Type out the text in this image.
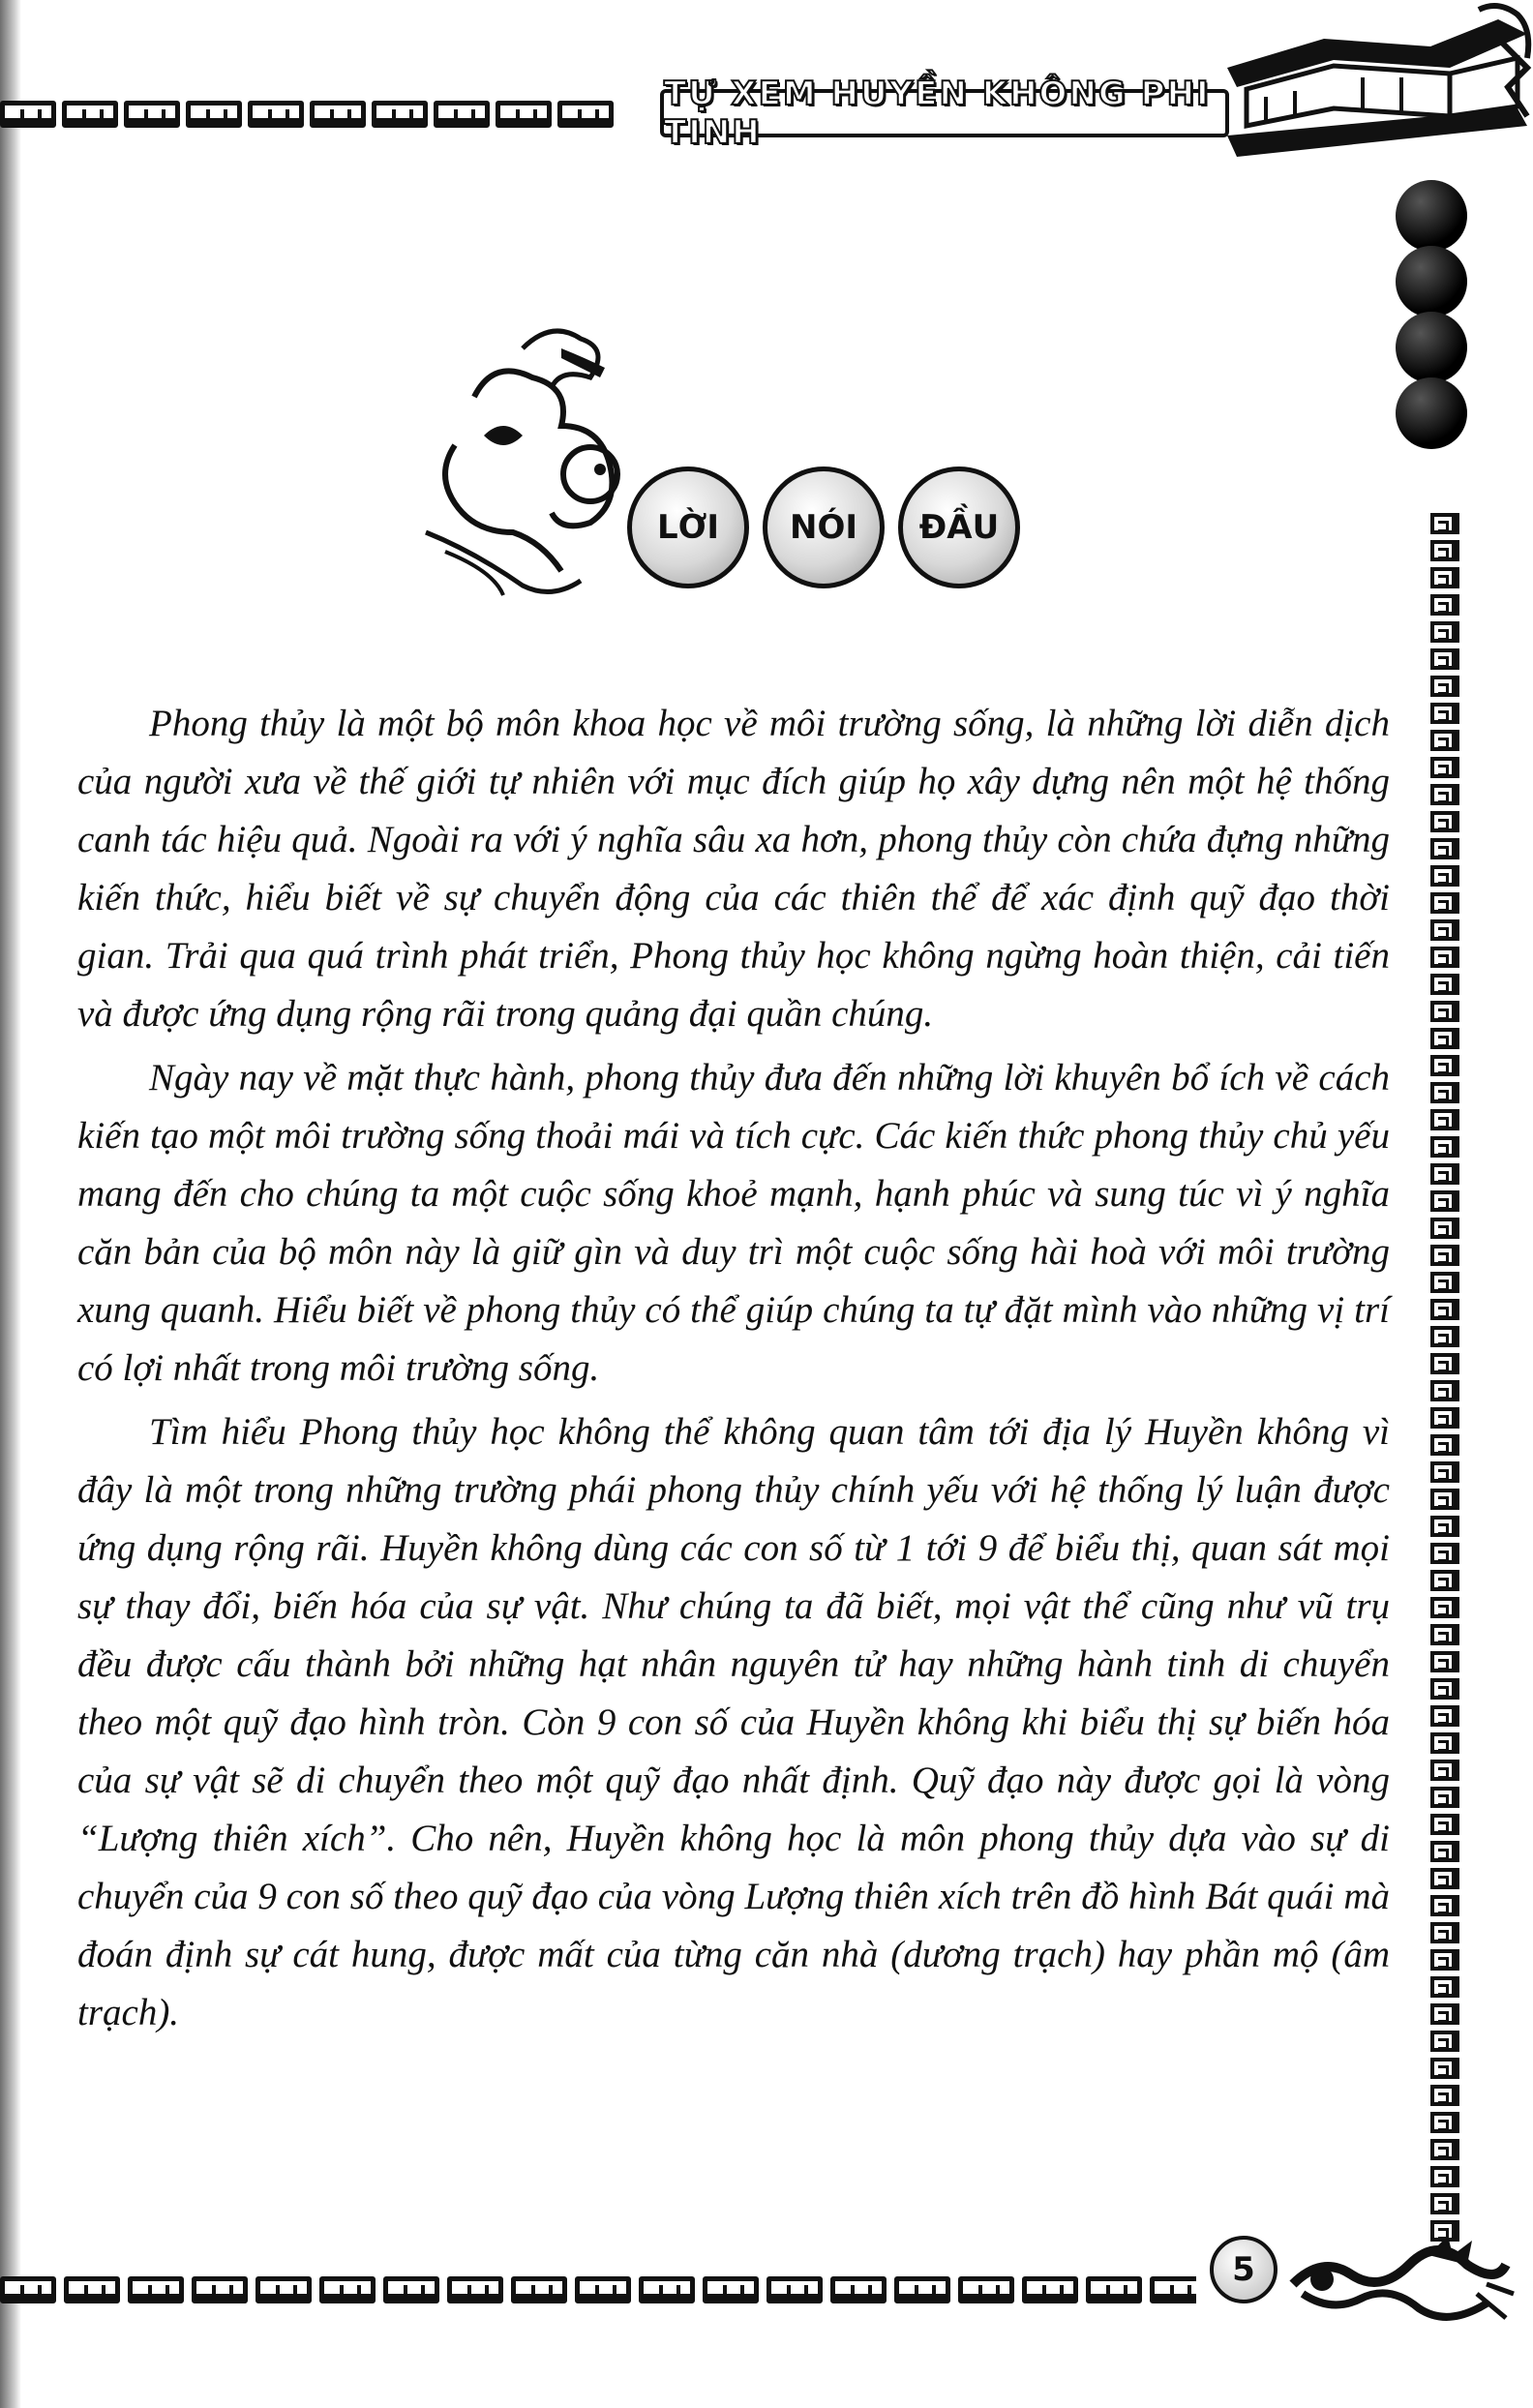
TỰ XEM HUYỀN KHÔNG PHI TINH
LỜI	NÓI	ĐẦU

Phong thủy là một bộ môn khoa học về môi trường sống, là những lời diễn dịch của người xưa về thế giới tự nhiên với mục đích giúp họ xây dựng nên một hệ thống canh tác hiệu quả. Ngoài ra với ý nghĩa sâu xa hơn, phong thủy còn chứa đựng những kiến thức, hiểu biết về sự chuyển động của các thiên thể để xác định quỹ đạo thời gian. Trải qua quá trình phát triển, Phong thủy học không ngừng hoàn thiện, cải tiến và được ứng dụng rộng rãi trong quảng đại quần chúng.

Ngày nay về mặt thực hành, phong thủy đưa đến những lời khuyên bổ ích về cách kiến tạo một môi trường sống thoải mái và tích cực. Các kiến thức phong thủy chủ yếu mang đến cho chúng ta một cuộc sống khoẻ mạnh, hạnh phúc và sung túc vì ý nghĩa căn bản của bộ môn này là giữ gìn và duy trì một cuộc sống hài hoà với môi trường xung quanh. Hiểu biết về phong thủy có thể giúp chúng ta tự đặt mình vào những vị trí có lợi nhất trong môi trường sống.

Tìm hiểu Phong thủy học không thể không quan tâm tới địa lý Huyền không vì đây là một trong những trường phái phong thủy chính yếu với hệ thống lý luận được ứng dụng rộng rãi. Huyền không dùng các con số từ 1 tới 9 để biểu thị, quan sát mọi sự thay đổi, biến hóa của sự vật. Như chúng ta đã biết, mọi vật thể cũng như vũ trụ đều được cấu thành bởi những hạt nhân nguyên tử hay những hành tinh di chuyển theo một quỹ đạo hình tròn. Còn 9 con số của Huyền không khi biểu thị sự biến hóa của sự vật sẽ di chuyển theo một quỹ đạo nhất định. Quỹ đạo này được gọi là vòng “Lượng thiên xích”. Cho nên, Huyền không học là môn phong thủy dựa vào sự di chuyển của 9 con số theo quỹ đạo của vòng Lượng thiên xích trên đồ hình Bát quái mà đoán định sự cát hung, được mất của từng căn nhà (dương trạch) hay phần mộ (âm trạch).

5
